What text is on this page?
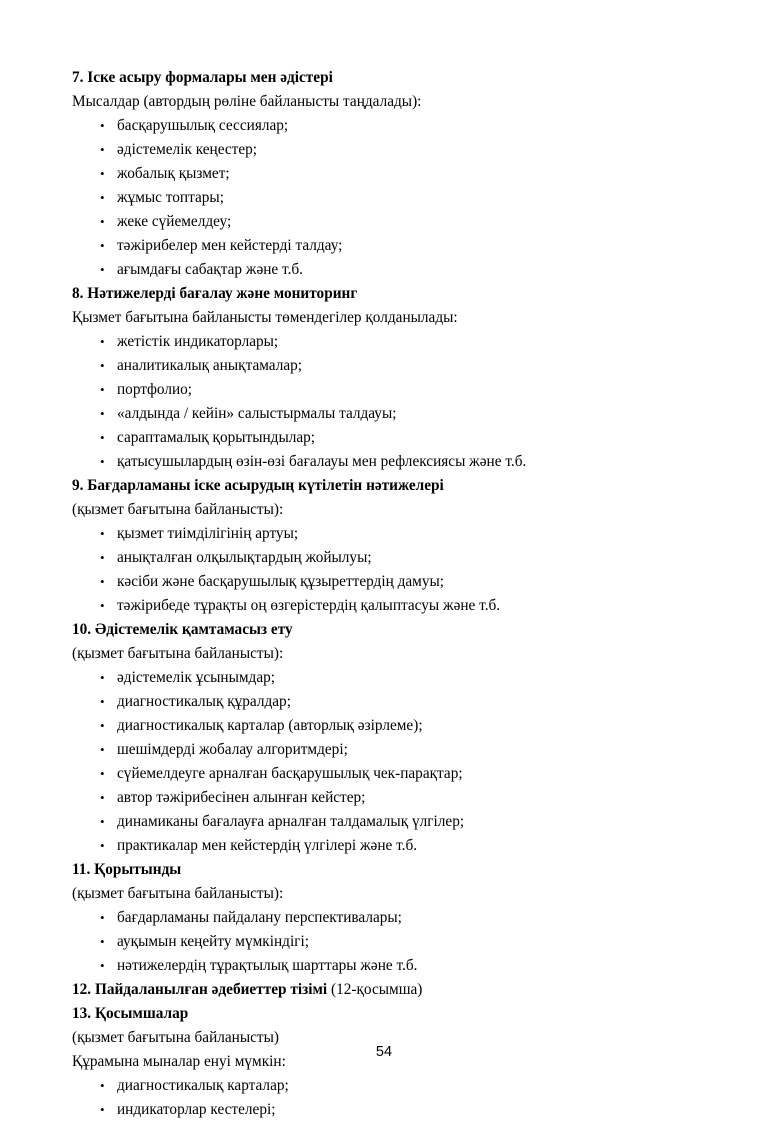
7. Іске асыру формалары мен әдістері

Мысалдар (автордың рөліне байланысты таңдалады):

• басқарушылық сессиялар;
• әдістемелік кеңестер;
• жобалық қызмет;
• жұмыс топтары;
• жеке сүйемелдеу;
• тәжірибелер мен кейстерді талдау;
• ағымдағы сабақтар және т.б.

8. Нәтижелерді бағалау және мониторинг

Қызмет бағытына байланысты төмендегілер қолданылады:

• жетістік индикаторлары;
• аналитикалық анықтамалар;
• портфолио;
• «алдында / кейін» салыстырмалы талдауы;
• сараптамалық қорытындылар;
• қатысушылардың өзін-өзі бағалауы мен рефлексиясы және т.б.

9. Бағдарламаны іске асырудың күтілетін нәтижелері

(қызмет бағытына байланысты):

• қызмет тиімділігінің артуы;
• анықталған олқылықтардың жойылуы;
• кәсіби және басқарушылық құзыреттердің дамуы;
• тәжірибеде тұрақты оң өзгерістердің қалыптасуы және т.б.

10. Әдістемелік қамтамасыз ету

(қызмет бағытына байланысты):

• әдістемелік ұсынымдар;
• диагностикалық құралдар;
• диагностикалық карталар (авторлық әзірлеме);
• шешімдерді жобалау алгоритмдері;
• сүйемелдеуге арналған басқарушылық чек-парақтар;
• автор тәжірибесінен алынған кейстер;
• динамиканы бағалауға арналған талдамалық үлгілер;
• практикалар мен кейстердің үлгілері және т.б.

11. Қорытынды

(қызмет бағытына байланысты):

• бағдарламаны пайдалану перспективалары;
• ауқымын кеңейту мүмкіндігі;
• нәтижелердің тұрақтылық шарттары және т.б.

12. Пайдаланылған әдебиеттер тізімі (12-қосымша)

13. Қосымшалар

(қызмет бағытына байланысты)

Құрамына мыналар енуі мүмкін:

• диагностикалық карталар;
• индикаторлар кестелері;
54
